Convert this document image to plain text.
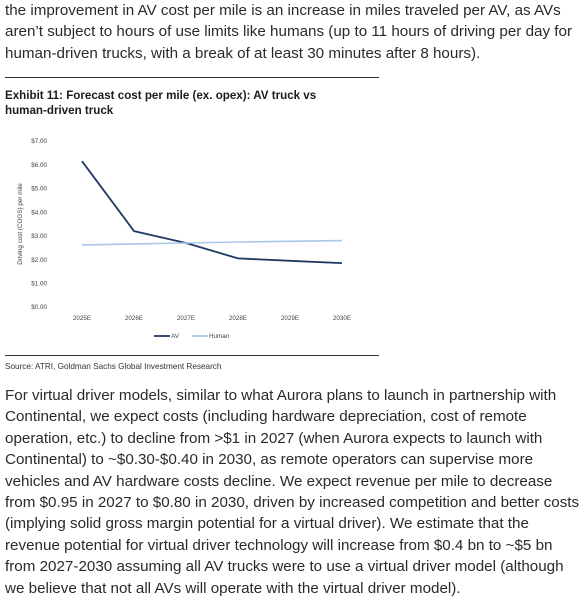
the improvement in AV cost per mile is an increase in miles traveled per AV, as AVs aren’t subject to hours of use limits like humans (up to 11 hours of driving per day for human-driven trucks, with a break of at least 30 minutes after 8 hours).

Exhibit 11: Forecast cost per mile (ex. opex): AV truck vs human-driven truck
Driving cost (COGS) per mile
$0.00
$1.00
$2.00
$3.00
$4.00
$5.00
$6.00
$7.00
2025E	2026E	2027E	2028E	2029E	2030E
AV	Human
Source: ATRI, Goldman Sachs Global Investment Research

For virtual driver models, similar to what Aurora plans to launch in partnership with Continental, we expect costs (including hardware depreciation, cost of remote operation, etc.) to decline from >$1 in 2027 (when Aurora expects to launch with Continental) to ~$0.30-$0.40 in 2030, as remote operators can supervise more vehicles and AV hardware costs decline. We expect revenue per mile to decrease from $0.95 in 2027 to $0.80 in 2030, driven by increased competition and better costs (implying solid gross margin potential for a virtual driver). We estimate that the revenue potential for virtual driver technology will increase from $0.4 bn to ~$5 bn from 2027-2030 assuming all AV trucks were to use a virtual driver model (although we believe that not all AVs will operate with the virtual driver model).
